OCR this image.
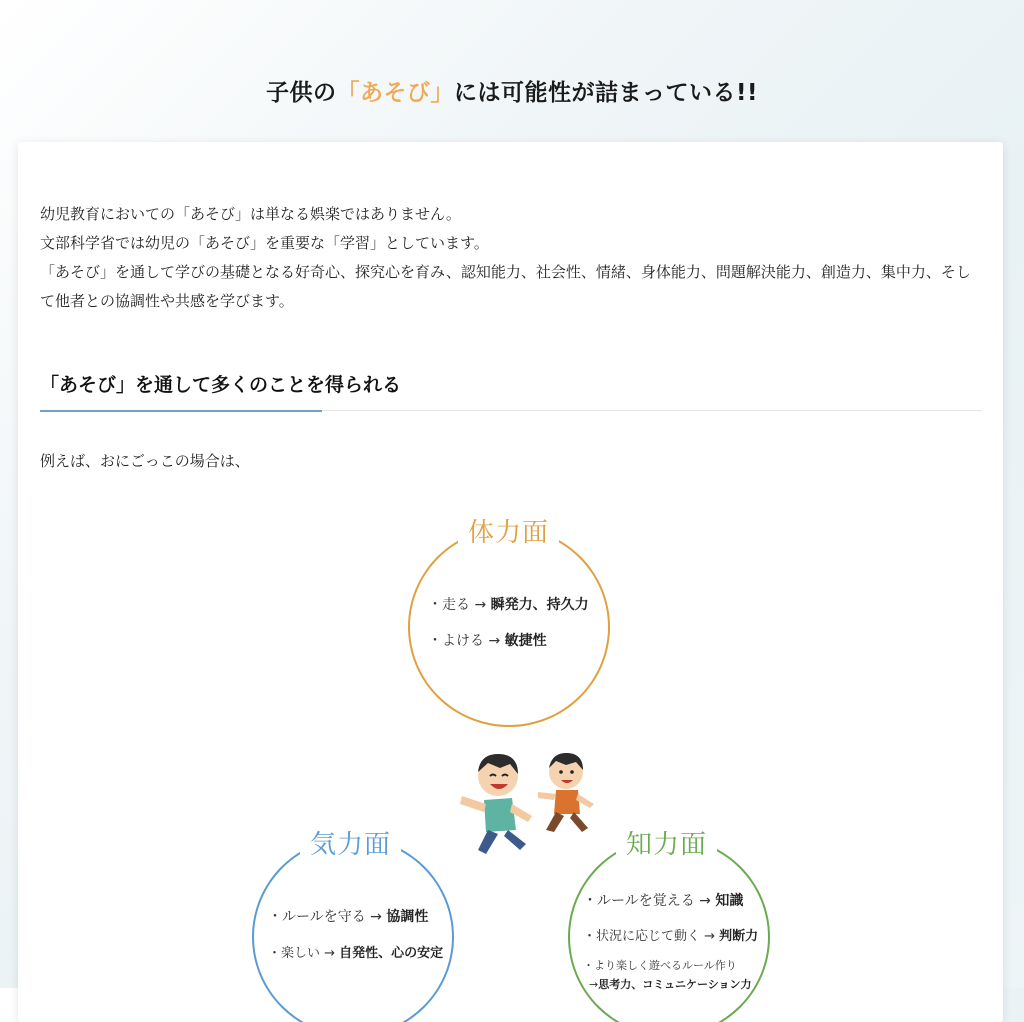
子供の「あそび」には可能性が詰まっている!!

幼児教育においての「あそび」は単なる娯楽ではありません。

文部科学省では幼児の「あそび」を重要な「学習」としています。

「あそび」を通して学びの基礎となる好奇心、探究心を育み、認知能力、社会性、情緒、身体能力、問題解決能力、創造力、集中力、そして他者との協調性や共感を学びます。

「あそび」を通して多くのことを得られる
例えば、おにごっこの場合は、
体力面
・走る → 瞬発力、持久力
・よける → 敏捷性
気力面
・ルールを守る → 協調性
・楽しい → 自発性、心の安定
知力面
・ルールを覚える → 知識
・状況に応じて動く → 判断力
・より楽しく遊べるルール作り
→思考力、コミュニケーション力
